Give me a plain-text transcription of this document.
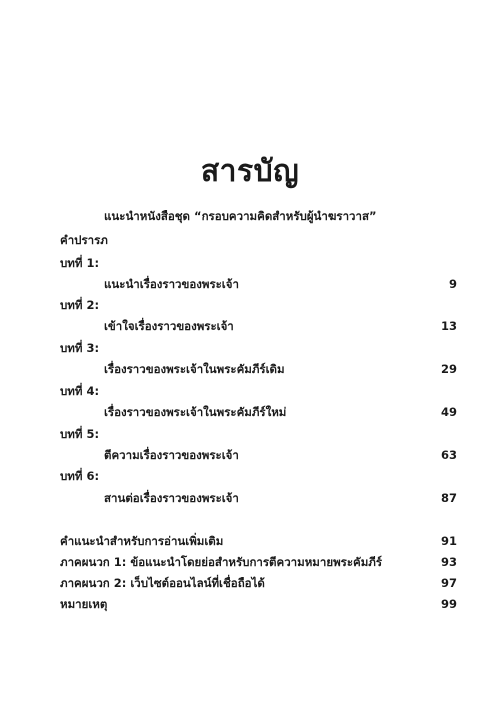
สารบัญ
แนะนำหนังสือชุด “กรอบความคิดสำหรับผู้นำฆราวาส”
คำปรารภ
บทที่ 1:
แนะนำเรื่องราวของพระเจ้า	9
บทที่ 2:
เข้าใจเรื่องราวของพระเจ้า	13
บทที่ 3:
เรื่องราวของพระเจ้าในพระคัมภีร์เดิม	29
บทที่ 4:
เรื่องราวของพระเจ้าในพระคัมภีร์ใหม่	49
บทที่ 5:
ตีความเรื่องราวของพระเจ้า	63
บทที่ 6:
สานต่อเรื่องราวของพระเจ้า	87
คำแนะนำสำหรับการอ่านเพิ่มเติม	91
ภาคผนวก 1: ข้อแนะนำโดยย่อสำหรับการตีความหมายพระคัมภีร์	93
ภาคผนวก 2: เว็บไซต์ออนไลน์ที่เชื่อถือได้	97
หมายเหตุ	99
